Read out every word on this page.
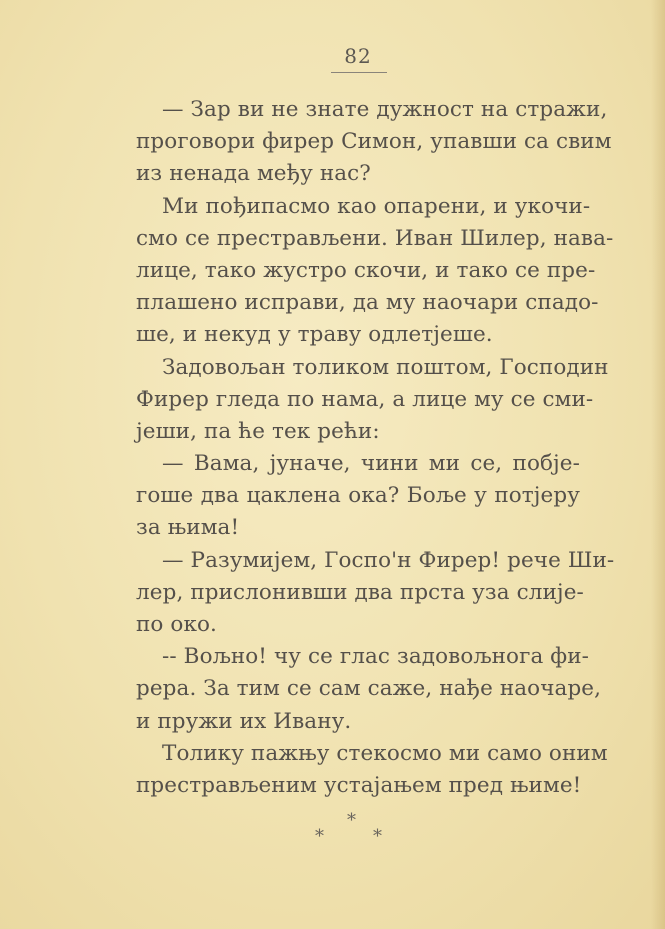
82
— Зар ви не знате дужност на стражи,
проговори фирер Симон, упавши са свим
из ненада међу нас?
Ми пођипасмо као опарени, и укочи-
смо се престрављени. Иван Шилер, нава-
лице, тако жустро скочи, и тако се пре-
плашено исправи, да му наочари спадо-
ше, и некуд у траву одлетјеше.
Задовољан толиком поштом, Господин
Фирер гледа по нама, а лице му се сми-
јеши, па ће тек рећи:
— Вама, јуначе, чини ми се, побје-
гоше два цаклена ока? Боље у потјеру
за њима!
— Разумијем, Госпо'н Фирер! рече Ши-
лер, прислонивши два прста уза слије-
по око.
-- Вољно! чу се глас задовољнога фи-
рера. За тим се сам саже, нађе наочаре,
и пружи их Ивану.
Толику пажњу стекосмо ми само оним
престрављеним устајањем пред њиме!
*
*	*
